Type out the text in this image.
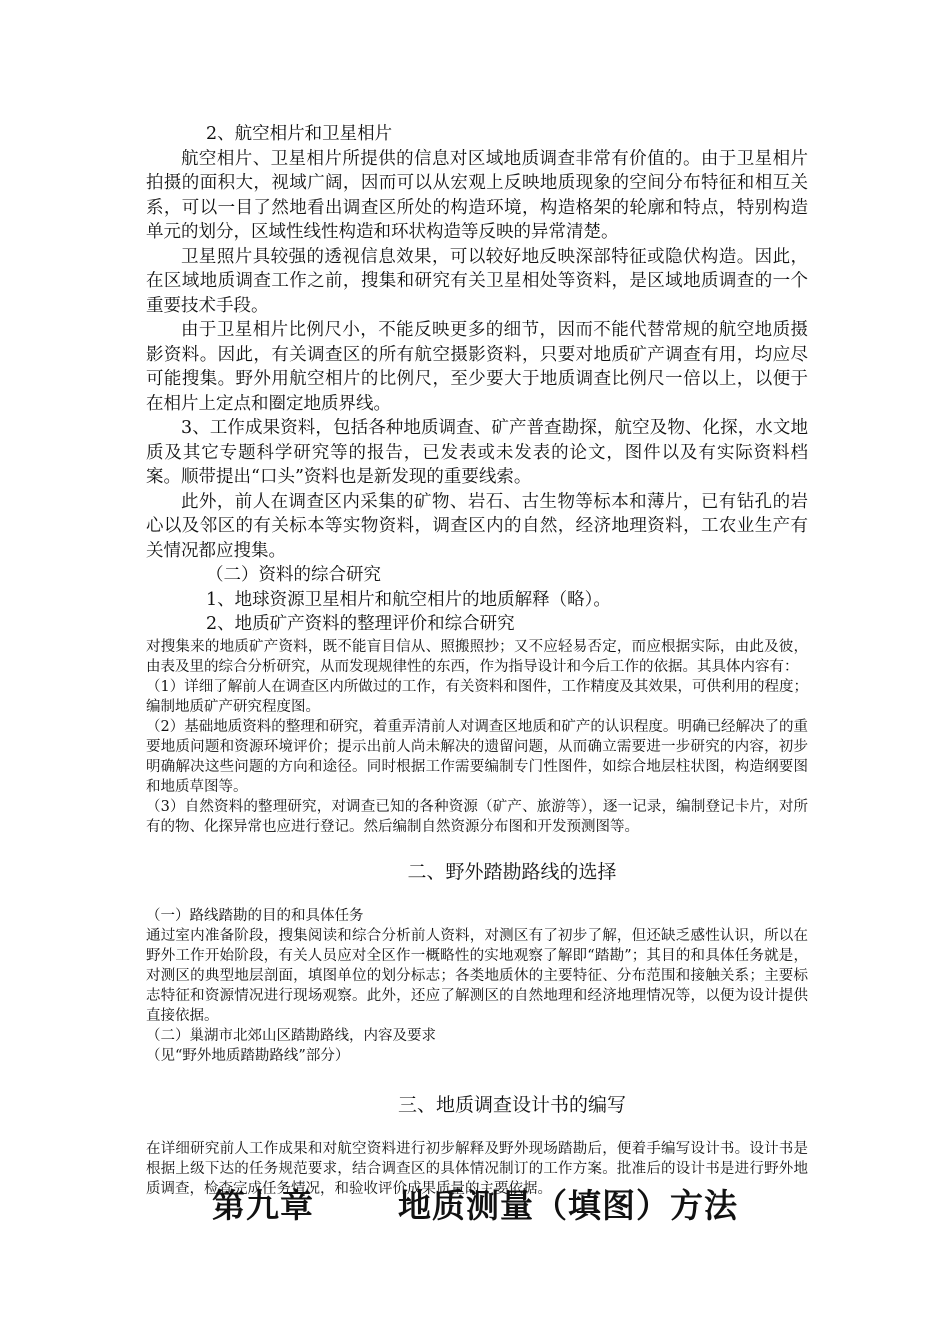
2、航空相片和卫星相片

航空相片、卫星相片所提供的信息对区域地质调查非常有价值的。由于卫星相片拍摄的面积大，视域广阔，因而可以从宏观上反映地质现象的空间分布特征和相互关系，可以一目了然地看出调查区所处的构造环境，构造格架的轮廓和特点，特别构造单元的划分，区域性线性构造和环状构造等反映的异常清楚。

卫星照片具较强的透视信息效果，可以较好地反映深部特征或隐伏构造。因此，在区域地质调查工作之前，搜集和研究有关卫星相处等资料，是区域地质调查的一个重要技术手段。

由于卫星相片比例尺小，不能反映更多的细节，因而不能代替常规的航空地质摄影资料。因此，有关调查区的所有航空摄影资料，只要对地质矿产调查有用，均应尽可能搜集。野外用航空相片的比例尺，至少要大于地质调查比例尺一倍以上，以便于在相片上定点和圈定地质界线。

3、工作成果资料，包括各种地质调查、矿产普查勘探，航空及物、化探，水文地质及其它专题科学研究等的报告，已发表或未发表的论文，图件以及有实际资料档案。顺带提出“口头”资料也是新发现的重要线索。

此外，前人在调查区内采集的矿物、岩石、古生物等标本和薄片，已有钻孔的岩心以及邻区的有关标本等实物资料，调查区内的自然，经济地理资料，工农业生产有关情况都应搜集。

（二）资料的综合研究

1、地球资源卫星相片和航空相片的地质解释（略）。

2、地质矿产资料的整理评价和综合研究

对搜集来的地质矿产资料，既不能盲目信从、照搬照抄；又不应轻易否定，而应根据实际，由此及彼，由表及里的综合分析研究，从而发现规律性的东西，作为指导设计和今后工作的依据。其具体内容有：

（1）详细了解前人在调查区内所做过的工作，有关资料和图件，工作精度及其效果，可供利用的程度；编制地质矿产研究程度图。

（2）基础地质资料的整理和研究，着重弄清前人对调查区地质和矿产的认识程度。明确已经解决了的重要地质问题和资源环境评价；提示出前人尚未解决的遗留问题，从而确立需要进一步研究的内容，初步明确解决这些问题的方向和途径。同时根据工作需要编制专门性图件，如综合地层柱状图，构造纲要图和地质草图等。

（3）自然资料的整理研究，对调查已知的各种资源（矿产、旅游等），逐一记录，编制登记卡片，对所有的物、化探异常也应进行登记。然后编制自然资源分布图和开发预测图等。

二、野外踏勘路线的选择

（一）路线踏勘的目的和具体任务

通过室内准备阶段，搜集阅读和综合分析前人资料，对测区有了初步了解，但还缺乏感性认识，所以在野外工作开始阶段，有关人员应对全区作一概略性的实地观察了解即“踏勘”；其目的和具体任务就是，对测区的典型地层剖面，填图单位的划分标志；各类地质休的主要特征、分布范围和接触关系；主要标志特征和资源情况进行现场观察。此外，还应了解测区的自然地理和经济地理情况等，以便为设计提供直接依据。

（二）巢湖市北郊山区踏勘路线，内容及要求

（见“野外地质踏勘路线”部分）

三、地质调查设计书的编写

在详细研究前人工作成果和对航空资料进行初步解释及野外现场踏勘后，便着手编写设计书。设计书是根据上级下达的任务规范要求，结合调查区的具体情况制订的工作方案。批准后的设计书是进行野外地质调查，检查完成任务情况，和验收评价成果质量的主要依据。

第九章	地质测量（填图）方法
